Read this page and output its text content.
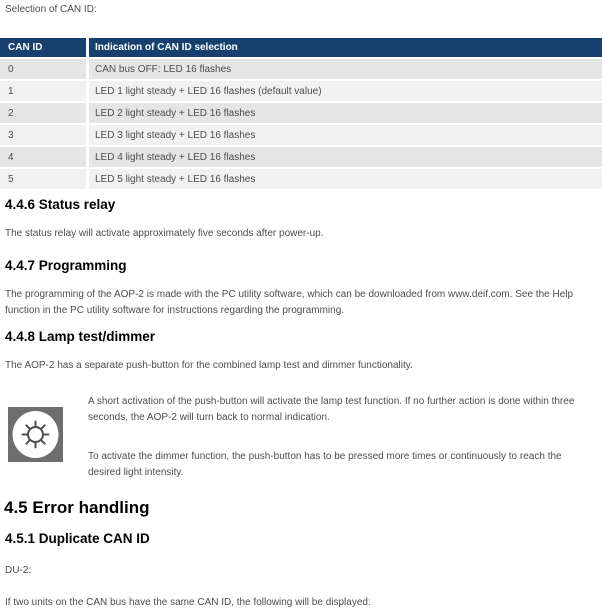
Selection of CAN ID:
CAN ID	Indication of CAN ID selection
0	CAN bus OFF: LED 16 flashes
1	LED 1 light steady + LED 16 flashes (default value)
2	LED 2 light steady + LED 16 flashes
3	LED 3 light steady + LED 16 flashes
4	LED 4 light steady + LED 16 flashes
5	LED 5 light steady + LED 16 flashes
4.4.6 Status relay
The status relay will activate approximately five seconds after power-up.
4.4.7 Programming
The programming of the AOP-2 is made with the PC utility software, which can be downloaded from www.deif.com. See the Help function in the PC utility software for instructions regarding the programming.
4.4.8 Lamp test/dimmer
The AOP-2 has a separate push-button for the combined lamp test and dimmer functionality.
A short activation of the push-button will activate the lamp test function. If no further action is done within three seconds, the AOP-2 will turn back to normal indication.
To activate the dimmer function, the push-button has to be pressed more times or continuously to reach the desired light intensity.
4.5 Error handling
4.5.1 Duplicate CAN ID
DU-2:
If two units on the CAN bus have the same CAN ID, the following will be displayed:
